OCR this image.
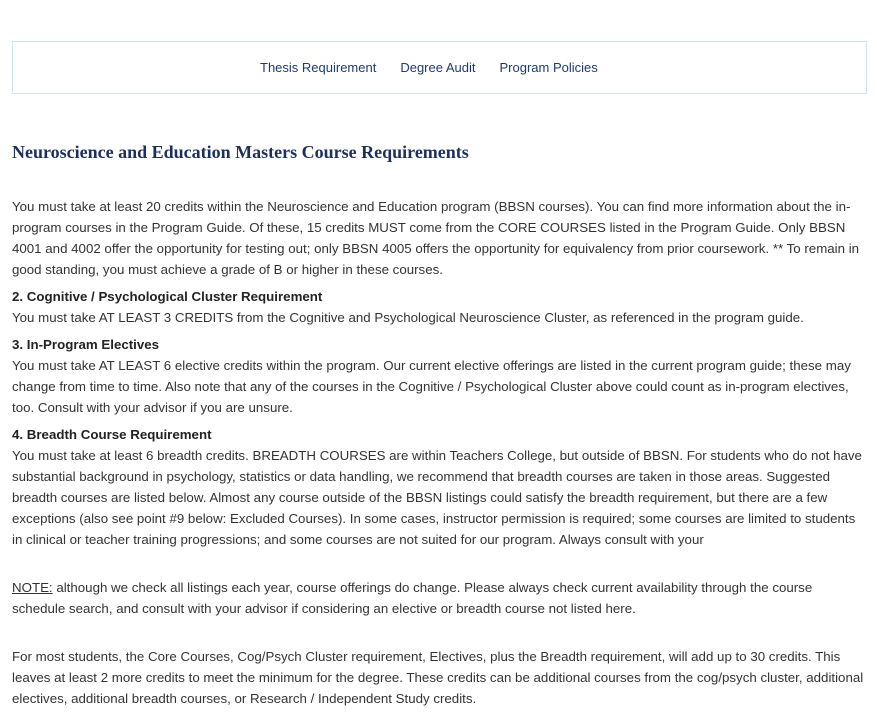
Thesis Requirement Degree Audit Program Policies
Neuroscience and Education Masters Course Requirements

You must take at least 20 credits within the Neuroscience and Education program (BBSN courses). You can find more information about the in-program courses in the Program Guide. Of these, 15 credits MUST come from the CORE COURSES listed in the Program Guide. Only BBSN 4001 and 4002 offer the opportunity for testing out; only BBSN 4005 offers the opportunity for equivalency from prior coursework. ** To remain in good standing, you must achieve a grade of B or higher in these courses.

2. Cognitive / Psychological Cluster Requirement

You must take AT LEAST 3 CREDITS from the Cognitive and Psychological Neuroscience Cluster, as referenced in the program guide.

3. In-Program Electives

You must take AT LEAST 6 elective credits within the program. Our current elective offerings are listed in the current program guide; these may change from time to time. Also note that any of the courses in the Cognitive / Psychological Cluster above could count as in-program electives, too. Consult with your advisor if you are unsure.

4. Breadth Course Requirement

You must take at least 6 breadth credits. BREADTH COURSES are within Teachers College, but outside of BBSN. For students who do not have substantial background in psychology, statistics or data handling, we recommend that breadth courses are taken in those areas. Suggested breadth courses are listed below. Almost any course outside of the BBSN listings could satisfy the breadth requirement, but there are a few exceptions (also see point #9 below: Excluded Courses). In some cases, instructor permission is required; some courses are limited to students in clinical or teacher training progressions; and some courses are not suited for our program. Always consult with your

NOTE: although we check all listings each year, course offerings do change. Please always check current availability through the course schedule search, and consult with your advisor if considering an elective or breadth course not listed here.

For most students, the Core Courses, Cog/Psych Cluster requirement, Electives, plus the Breadth requirement, will add up to 30 credits. This leaves at least 2 more credits to meet the minimum for the degree. These credits can be additional courses from the cog/psych cluster, additional electives, additional breadth courses, or Research / Independent Study credits.
